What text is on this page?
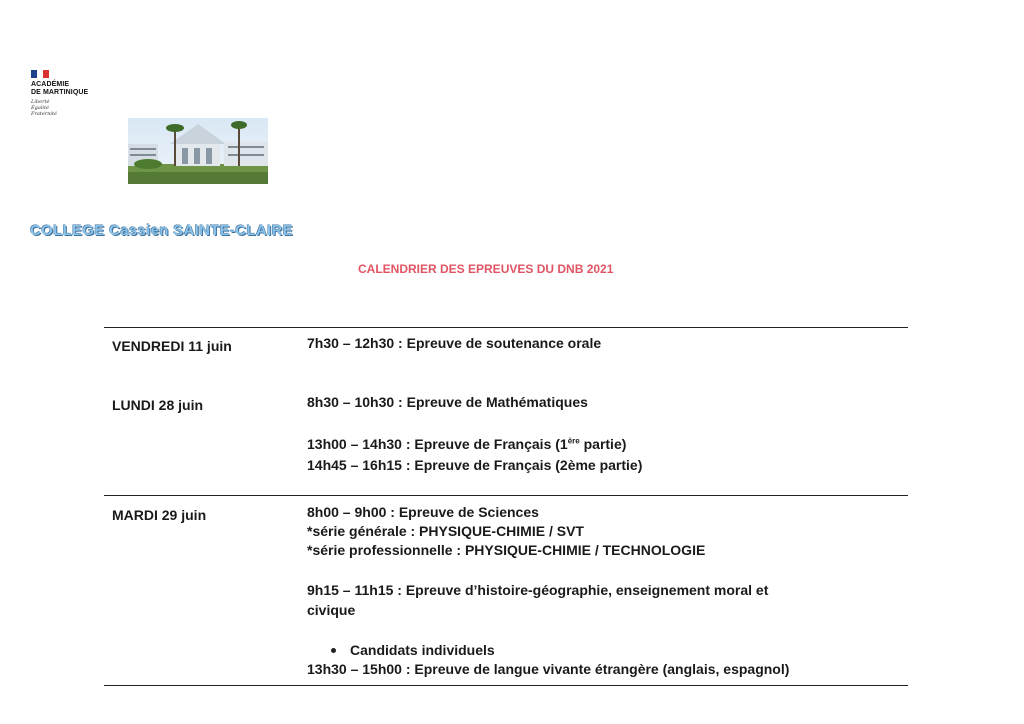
ACADÉMIE
DE MARTINIQUE
Liberté
Égalité
Fraternité
COLLEGE Cassien SAINTE-CLAIRE
CALENDRIER DES EPREUVES DU DNB 2021
VENDREDI 11 juin	7h30 – 12h30 : Epreuve de soutenance orale
LUNDI 28 juin	8h30 – 10h30 : Epreuve de Mathématiques
13h00 – 14h30 : Epreuve de Français (1ère partie)
14h45 – 16h15 : Epreuve de Français (2ème partie)
MARDI 29 juin	8h00 – 9h00 : Epreuve de Sciences
*série générale : PHYSIQUE-CHIMIE / SVT
*série professionnelle : PHYSIQUE-CHIMIE / TECHNOLOGIE
9h15 – 11h15 : Epreuve d’histoire-géographie, enseignement moral et
civique
Candidats individuels
13h30 – 15h00 : Epreuve de langue vivante étrangère (anglais, espagnol)
